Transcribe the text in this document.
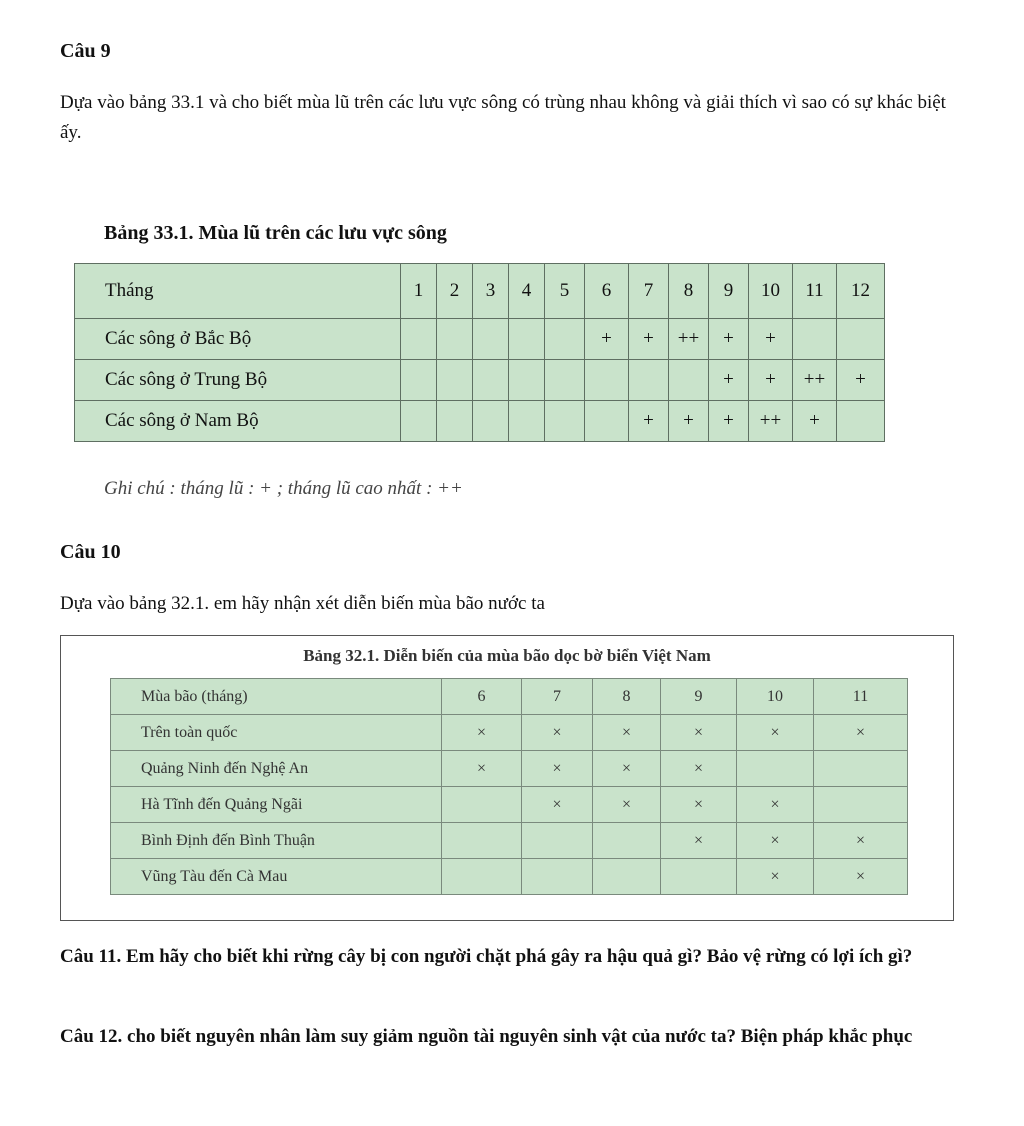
Câu 9
Dựa vào bảng 33.1 và cho biết mùa lũ trên các lưu vực sông có trùng nhau không và giải thích vì sao có sự khác biệt ấy.
Bảng 33.1. Mùa lũ trên các lưu vực sông
Tháng	1	2	3	4	5	6	7	8	9	10	11	12
Các sông ở Bắc Bộ						+	+	++	+	+		
Các sông ở Trung Bộ									+	+	++	+
Các sông ở Nam Bộ							+	+	+	++	+	
Ghi chú : tháng lũ : + ; tháng lũ cao nhất : ++
Câu 10
Dựa vào bảng 32.1. em hãy nhận xét diễn biến mùa bão nước ta
Bảng 32.1. Diễn biến của mùa bão dọc bờ biển Việt Nam
Mùa bão (tháng)	6	7	8	9	10	11
Trên toàn quốc	×	×	×	×	×	×
Quảng Ninh đến Nghệ An	×	×	×	×		
Hà Tĩnh đến Quảng Ngãi		×	×	×	×	
Bình Định đến Bình Thuận				×	×	×
Vũng Tàu đến Cà Mau					×	×
Câu 11. Em hãy cho biết khi rừng cây bị con người chặt phá gây ra hậu quả gì? Bảo vệ rừng có lợi ích gì?
Câu 12. cho biết nguyên nhân làm suy giảm nguồn tài nguyên sinh vật của nước ta? Biện pháp khắc phục
